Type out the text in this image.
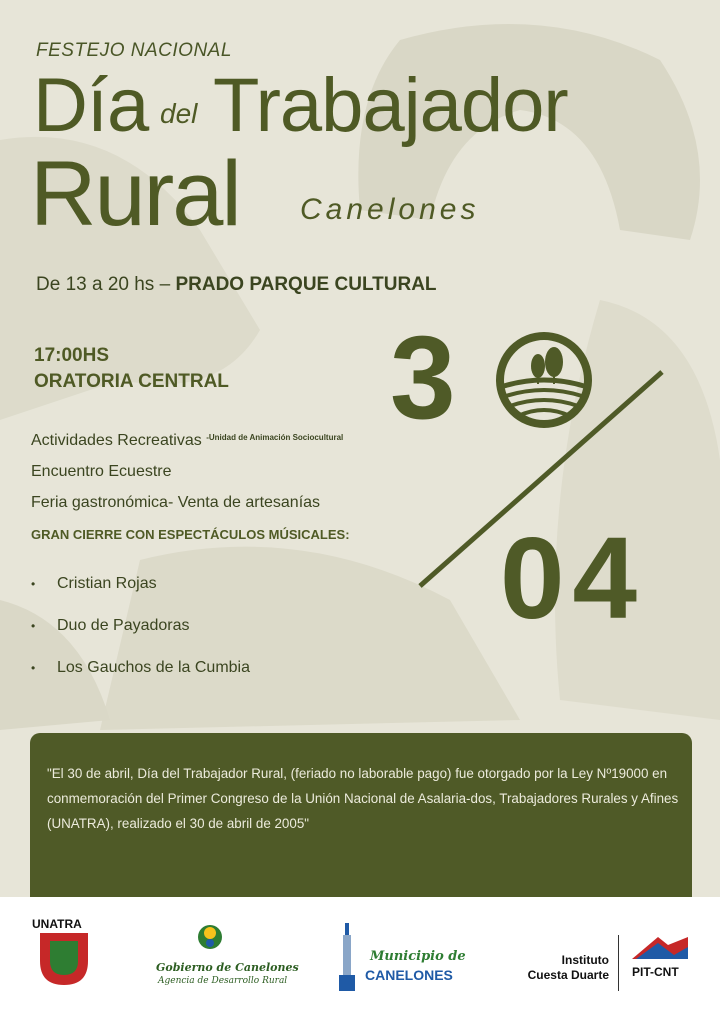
FESTEJO NACIONAL
Día del Trabajador
Rural Canelones
De 13 a 20 hs – PRADO PARQUE CULTURAL
17:00HS
ORATORIA CENTRAL
Actividades Recreativas $^{-Unidad de Animación Sociocultural}$
Encuentro Ecuestre
Feria gastronómica- Venta de artesanías
GRAN CIERRE CON ESPECTÁCULOS MÚSICALES:
•	Cristian Rojas
•	Duo de Payadoras
•	Los Gauchos de la Cumbia
3
04
"El 30 de abril, Día del Trabajador Rural, (feriado no laborable pago) fue otorgado por la Ley Nº19000 en conmemoración del Primer Congreso de la Unión Nacional de Asalaria-dos, Trabajadores Rurales y Afines (UNATRA), realizado el 30 de abril de 2005"
UNATRA
Gobierno de Canelones
Agencia de Desarrollo Rural
Municipio de
CANELONES
Instituto
Cuesta Duarte PIT-CNT
